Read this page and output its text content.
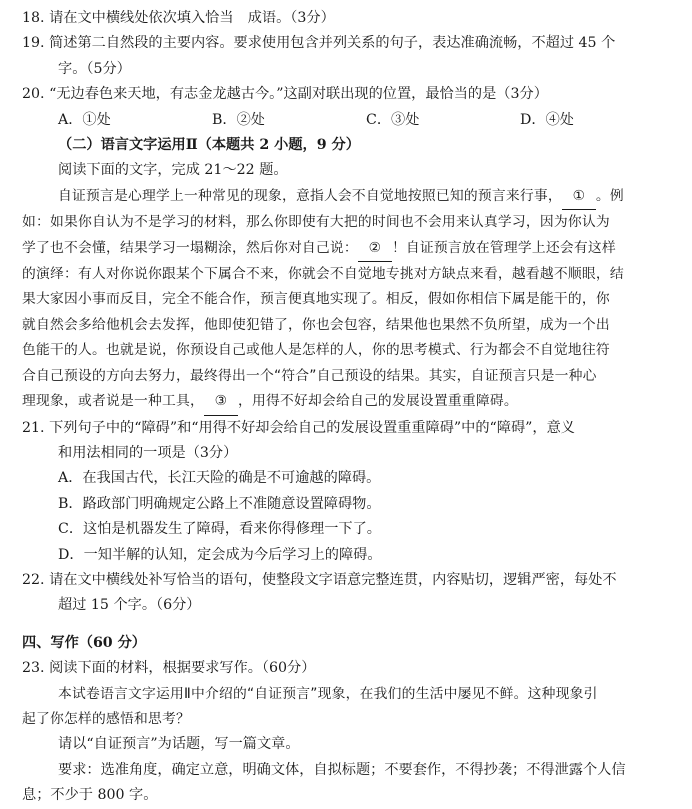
18. 请在文中横线处依次填入恰当　成语。（3分）
19. 简述第二自然段的主要内容。要求使用包含并列关系的句子，表达准确流畅，不超过 45 个
字。（5分）
20. “无边春色来天地，有志金龙越古今。”这副对联出现的位置，最恰当的是（3分）
A．①处	B．②处	C．③处	D．④处
（二）语言文字运用Ⅱ（本题共 2 小题，9 分）
阅读下面的文字，完成 21～22 题。
自证预言是心理学上一种常见的现象，意指人会不自觉地按照已知的预言来行事， ① 。例
如：如果你自认为不是学习的材料，那么你即使有大把的时间也不会用来认真学习，因为你认为
学了也不会懂，结果学习一塌糊涂，然后你对自己说： ② ！自证预言放在管理学上还会有这样
的演绎：有人对你说你跟某个下属合不来，你就会不自觉地专挑对方缺点来看，越看越不顺眼，结
果大家因小事而反目，完全不能合作，预言便真地实现了。相反，假如你相信下属是能干的，你
就自然会多给他机会去发挥，他即使犯错了，你也会包容，结果他也果然不负所望，成为一个出
色能干的人。也就是说，你预设自己或他人是怎样的人，你的思考模式、行为都会不自觉地往符
合自己预设的方向去努力，最终得出一个“符合”自己预设的结果。其实，自证预言只是一种心
理现象，或者说是一种工具， ③ ，用得不好却会给自己的发展设置重重障碍。
21. 下列句子中的“障碍”和“用得不好却会给自己的发展设置重重障碍”中的“障碍”，意义
和用法相同的一项是（3分）
A．在我国古代，长江天险的确是不可逾越的障碍。
B．路政部门明确规定公路上不准随意设置障碍物。
C．这怕是机器发生了障碍，看来你得修理一下了。
D．一知半解的认知，定会成为今后学习上的障碍。
22. 请在文中横线处补写恰当的语句，使整段文字语意完整连贯，内容贴切，逻辑严密，每处不
超过 15 个字。（6分）
四、写作（60 分）
23. 阅读下面的材料，根据要求写作。（60分）
本试卷语言文字运用Ⅱ中介绍的“自证预言”现象，在我们的生活中屡见不鲜。这种现象引
起了你怎样的感悟和思考？
请以“自证预言”为话题，写一篇文章。
要求：选准角度，确定立意，明确文体，自拟标题；不要套作，不得抄袭；不得泄露个人信
息；不少于 800 字。
